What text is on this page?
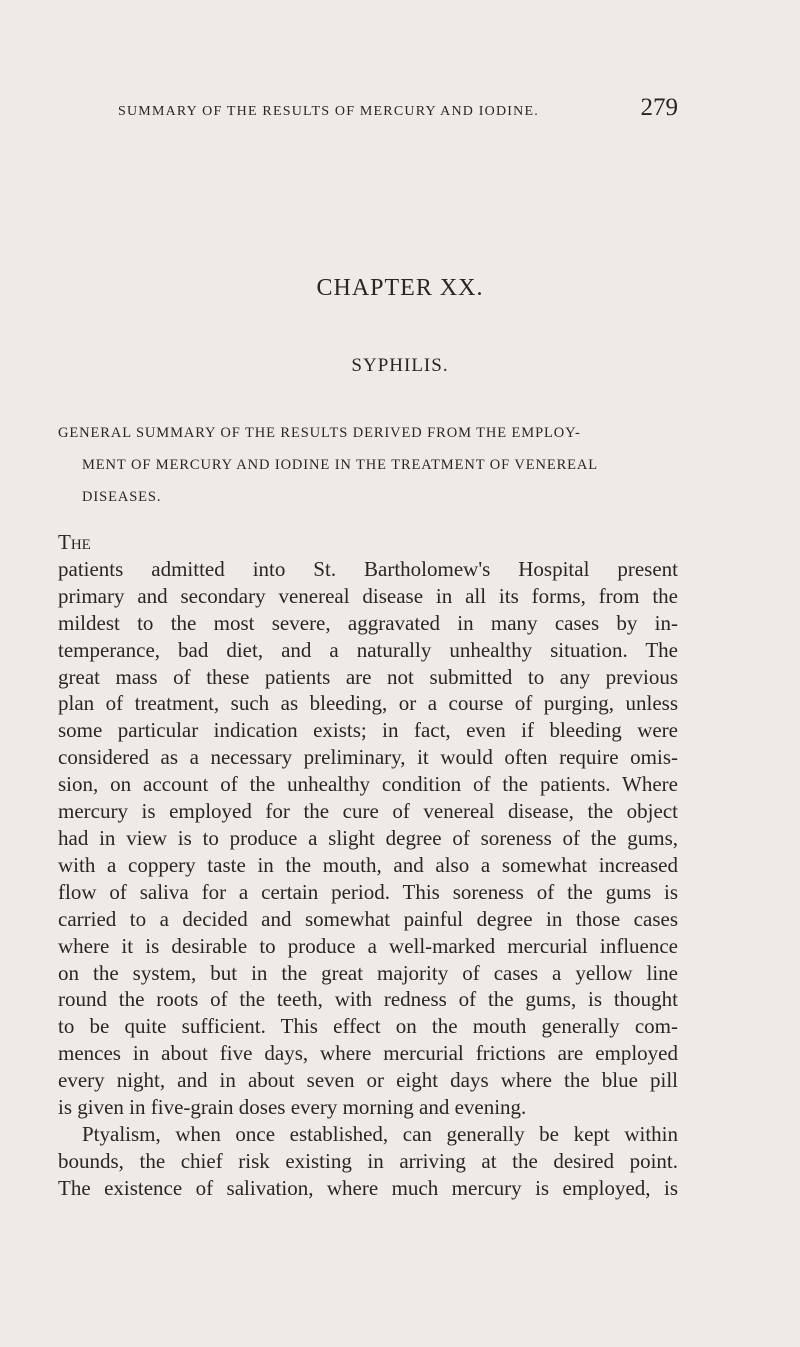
SUMMARY OF THE RESULTS OF MERCURY AND IODINE.	279
CHAPTER XX.
SYPHILIS.
GENERAL SUMMARY OF THE RESULTS DERIVED FROM THE EMPLOY-
MENT OF MERCURY AND IODINE IN THE TREATMENT OF VENEREAL
DISEASES.
The
patients admitted into St. Bartholomew's Hospital present
primary and secondary venereal disease in all its forms, from the
mildest to the most severe, aggravated in many cases by in-
temperance, bad diet, and a naturally unhealthy situation. The
great mass of these patients are not submitted to any previous
plan of treatment, such as bleeding, or a course of purging, unless
some particular indication exists; in fact, even if bleeding were
considered as a necessary preliminary, it would often require omis-
sion, on account of the unhealthy condition of the patients. Where
mercury is employed for the cure of venereal disease, the object
had in view is to produce a slight degree of soreness of the gums,
with a coppery taste in the mouth, and also a somewhat increased
flow of saliva for a certain period. This soreness of the gums is
carried to a decided and somewhat painful degree in those cases
where it is desirable to produce a well-marked mercurial influence
on the system, but in the great majority of cases a yellow line
round the roots of the teeth, with redness of the gums, is thought
to be quite sufficient. This effect on the mouth generally com-
mences in about five days, where mercurial frictions are employed
every night, and in about seven or eight days where the blue pill
is given in five-grain doses every morning and evening.
Ptyalism, when once established, can generally be kept within
bounds, the chief risk existing in arriving at the desired point.
The existence of salivation, where much mercury is employed, is
